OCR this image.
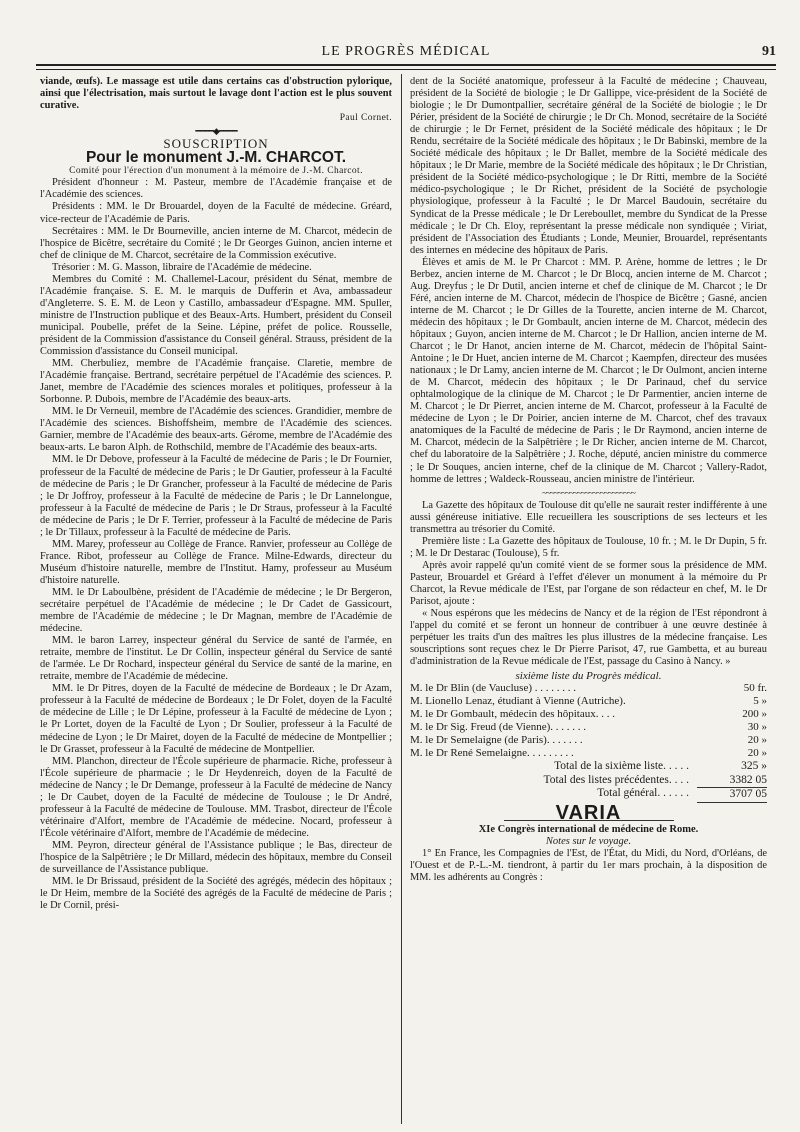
LE PROGRÈS MÉDICAL	91

viande, œufs). Le massage est utile dans certains cas d'obstruction pylorique, ainsi que l'électrisation, mais surtout le lavage dont l'action est le plus souvent curative.

Paul Cornet.
━━━━◆━━━━
SOUSCRIPTION
Pour le monument J.-M. CHARCOT.

Comité pour l'érection d'un monument à la mémoire de J.-M. Charcot.

Président d'honneur : M. Pasteur, membre de l'Académie française et de l'Académie des sciences.

Présidents : MM. le Dr Brouardel, doyen de la Faculté de médecine. Gréard, vice-recteur de l'Académie de Paris.

Secrétaires : MM. le Dr Bourneville, ancien interne de M. Charcot, médecin de l'hospice de Bicêtre, secrétaire du Comité ; le Dr Georges Guinon, ancien interne et chef de clinique de M. Charcot, secrétaire de la Commission exécutive.

Trésorier : M. G. Masson, libraire de l'Académie de médecine.

Membres du Comité : M. Challemel-Lacour, président du Sénat, membre de l'Académie française. S. E. M. le marquis de Dufferin et Ava, ambassadeur d'Angleterre. S. E. M. de Leon y Castillo, ambassadeur d'Espagne. MM. Spuller, ministre de l'Instruction publique et des Beaux-Arts. Humbert, président du Conseil municipal. Poubelle, préfet de la Seine. Lépine, préfet de police. Rousselle, président de la Commission d'assistance du Conseil général. Strauss, président de la Commission d'assistance du Conseil municipal.

MM. Cherbuliez, membre de l'Académie française. Claretie, membre de l'Académie française. Bertrand, secrétaire perpétuel de l'Académie des sciences. P. Janet, membre de l'Académie des sciences morales et politiques, professeur à la Sorbonne. P. Dubois, membre de l'Académie des beaux-arts.

MM. le Dr Verneuil, membre de l'Académie des sciences. Grandidier, membre de l'Académie des sciences. Bishoffsheim, membre de l'Académie des sciences. Garnier, membre de l'Académie des beaux-arts. Gérome, membre de l'Académie des beaux-arts. Le baron Alph. de Rothschild, membre de l'Académie des beaux-arts.

MM. le Dr Debove, professeur à la Faculté de médecine de Paris ; le Dr Fournier, professeur de la Faculté de médecine de Paris ; le Dr Gautier, professeur à la Faculté de médecine de Paris ; le Dr Grancher, professeur à la Faculté de médecine de Paris ; le Dr Joffroy, professeur à la Faculté de médecine de Paris ; le Dr Lannelongue, professeur à la Faculté de médecine de Paris ; le Dr Straus, professeur à la Faculté de médecine de Paris ; le Dr F. Terrier, professeur à la Faculté de médecine de Paris ; le Dr Tillaux, professeur à la Faculté de médecine de Paris.

MM. Marey, professeur au Collège de France. Ranvier, professeur au Collège de France. Ribot, professeur au Collège de France. Milne-Edwards, directeur du Muséum d'histoire naturelle, membre de l'Institut. Hamy, professeur au Muséum d'histoire naturelle.

MM. le Dr Laboulbène, président de l'Académie de médecine ; le Dr Bergeron, secrétaire perpétuel de l'Académie de médecine ; le Dr Cadet de Gassicourt, membre de l'Académie de médecine ; le Dr Magnan, membre de l'Académie de médecine.

MM. le baron Larrey, inspecteur général du Service de santé de l'armée, en retraite, membre de l'institut. Le Dr Collin, inspecteur général du Service de santé de l'armée. Le Dr Rochard, inspecteur général du Service de santé de la marine, en retraite, membre de l'Académie de médecine.

MM. le Dr Pitres, doyen de la Faculté de médecine de Bordeaux ; le Dr Azam, professeur à la Faculté de médecine de Bordeaux ; le Dr Folet, doyen de la Faculté de médecine de Lille ; le Dr Lépine, professeur à la Faculté de médecine de Lyon ; le Pr Lortet, doyen de la Faculté de Lyon ; Dr Soulier, professeur à la Faculté de médecine de Lyon ; le Dr Mairet, doyen de la Faculté de médecine de Montpellier ; le Dr Grasset, professeur à la Faculté de médecine de Montpellier.

MM. Planchon, directeur de l'École supérieure de pharmacie. Riche, professeur à l'École supérieure de pharmacie ; le Dr Heydenreich, doyen de la Faculté de médecine de Nancy ; le Dr Demange, professeur à la Faculté de médecine de Nancy ; le Dr Caubet, doyen de la Faculté de médecine de Toulouse ; le Dr André, professeur à la Faculté de médecine de Toulouse. MM. Trasbot, directeur de l'École vétérinaire d'Alfort, membre de l'Académie de médecine. Nocard, professeur à l'École vétérinaire d'Alfort, membre de l'Académie de médecine.

MM. Peyron, directeur général de l'Assistance publique ; le Bas, directeur de l'hospice de la Salpêtrière ; le Dr Millard, médecin des hôpitaux, membre du Conseil de surveillance de l'Assistance publique.

MM. le Dr Brissaud, président de la Société des agrégés, médecin des hôpitaux ; le Dr Heim, membre de la Société des agrégés de la Faculté de médecine de Paris ; le Dr Cornil, prési-

dent de la Société anatomique, professeur à la Faculté de médecine ; Chauveau, président de la Société de biologie ; le Dr Gallippe, vice-président de la Société de biologie ; le Dr Dumontpallier, secrétaire général de la Société de biologie ; le Dr Périer, président de la Société de chirurgie ; le Dr Ch. Monod, secrétaire de la Société de chirurgie ; le Dr Fernet, président de la Société médicale des hôpitaux ; le Dr Rendu, secrétaire de la Société médicale des hôpitaux ; le Dr Babinski, membre de la Société médicale des hôpitaux ; le Dr Ballet, membre de la Société médicale des hôpitaux ; le Dr Marie, membre de la Société médicale des hôpitaux ; le Dr Christian, président de la Société médico-psychologique ; le Dr Ritti, membre de la Société médico-psychologique ; le Dr Richet, président de la Société de psychologie physiologique, professeur à la Faculté ; le Dr Marcel Baudouin, secrétaire du Syndicat de la Presse médicale ; le Dr Lereboullet, membre du Syndicat de la Presse médicale ; le Dr Ch. Eloy, représentant la presse médicale non syndiquée ; Viriat, président de l'Association des Étudiants ; Londe, Meunier, Brouardel, représentants des internes en médecine des hôpitaux de Paris.

Élèves et amis de M. le Pr Charcot : MM. P. Arène, homme de lettres ; le Dr Berbez, ancien interne de M. Charcot ; le Dr Blocq, ancien interne de M. Charcot ; Aug. Dreyfus ; le Dr Dutil, ancien interne et chef de clinique de M. Charcot ; le Dr Féré, ancien interne de M. Charcot, médecin de l'hospice de Bicêtre ; Gasné, ancien interne de M. Charcot ; le Dr Gilles de la Tourette, ancien interne de M. Charcot, médecin des hôpitaux ; le Dr Gombault, ancien interne de M. Charcot, médecin des hôpitaux ; Guyon, ancien interne de M. Charcot ; le Dr Hallion, ancien interne de M. Charcot ; le Dr Hanot, ancien interne de M. Charcot, médecin de l'hôpital Saint-Antoine ; le Dr Huet, ancien interne de M. Charcot ; Kaempfen, directeur des musées nationaux ; le Dr Lamy, ancien interne de M. Charcot ; le Dr Oulmont, ancien interne de M. Charcot, médecin des hôpitaux ; le Dr Parinaud, chef du service ophtalmologique de la clinique de M. Charcot ; le Dr Parmentier, ancien interne de M. Charcot ; le Dr Pierret, ancien interne de M. Charcot, professeur à la Faculté de médecine de Lyon ; le Dr Poirier, ancien interne de M. Charcot, chef des travaux anatomiques de la Faculté de médecine de Paris ; le Dr Raymond, ancien interne de M. Charcot, médecin de la Salpêtrière ; le Dr Richer, ancien interne de M. Charcot, chef du laboratoire de la Salpêtrière ; J. Roche, député, ancien ministre du commerce ; le Dr Souques, ancien interne, chef de la clinique de M. Charcot ; Vallery-Radot, homme de lettres ; Waldeck-Rousseau, ancien ministre de l'intérieur.

~~~~~~~~~~~~~~~~~~~~~~~~

La Gazette des hôpitaux de Toulouse dit qu'elle ne saurait rester indifférente à une aussi généreuse initiative. Elle recueillera les souscriptions de ses lecteurs et les transmettra au trésorier du Comité.

Première liste : La Gazette des hôpitaux de Toulouse, 10 fr. ; M. le Dr Dupin, 5 fr. ; M. le Dr Destarac (Toulouse), 5 fr.

Après avoir rappelé qu'un comité vient de se former sous la présidence de MM. Pasteur, Brouardel et Gréard à l'effet d'élever un monument à la mémoire du Pr Charcot, la Revue médicale de l'Est, par l'organe de son rédacteur en chef, M. le Dr Parisot, ajoute :

« Nous espérons que les médecins de Nancy et de la région de l'Est répondront à l'appel du comité et se feront un honneur de contribuer à une œuvre destinée à perpétuer les traits d'un des maîtres les plus illustres de la médecine française. Les souscriptions sont reçues chez le Dr Pierre Parisot, 47, rue Gambetta, et au bureau d'administration de la Revue médicale de l'Est, passage du Casino à Nancy. »

sixième liste du Progrès médical.
M. le Dr Blin (de Vaucluse) . . . . . . . .	50 fr.
M. Lionello Lenaz, étudiant à Vienne (Autriche).	5 »
M. le Dr Gombault, médecin des hôpitaux. . . .	200 »
M. le Dr Sig. Freud (de Vienne). . . . . . .	30 »
M. le Dr Semelaigne (de Paris). . . . . . .	20 »
M. le Dr René Semelaigne. . . . . . . . .	20 »
Total de la sixième liste. . . . .	325 »
Total des listes précédentes. . . .	3382 05
Total général. . . . . .	3707 05
VARIA
XIe Congrès international de médecine de Rome.
Notes sur le voyage.

1° En France, les Compagnies de l'Est, de l'État, du Midi, du Nord, d'Orléans, de l'Ouest et de P.-L.-M. tiendront, à partir du 1er mars prochain, à la disposition de MM. les adhérents au Congrès :
